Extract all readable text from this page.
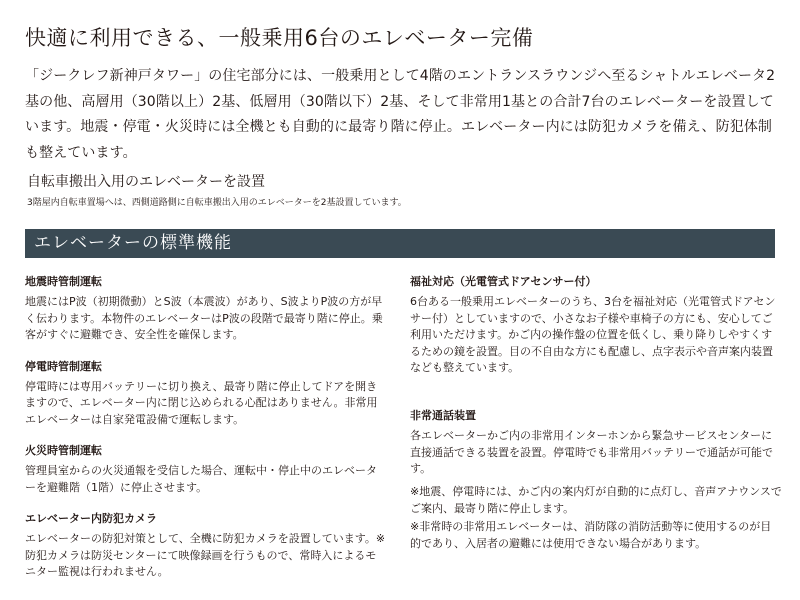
快適に利用できる、一般乗用6台のエレベーター完備

「ジークレフ新神戸タワー」の住宅部分には、一般乗用として4階のエントランスラウンジへ至るシャトルエレベータ2基の他、高層用（30階以上）2基、低層用（30階以下）2基、そして非常用1基との合計7台のエレベーターを設置しています。地震・停電・火災時には全機とも自動的に最寄り階に停止。エレベーター内には防犯カメラを備え、防犯体制も整えています。

自転車搬出入用のエレベーターを設置
3階屋内自転車置場へは、西側道路側に自転車搬出入用のエレベーターを2基設置しています。
エレベーターの標準機能
地震時管制運転

地震にはP波（初期微動）とS波（本震波）があり、S波よりP波の方が早く伝わります。本物件のエレベーターはP波の段階で最寄り階に停止。乗客がすぐに避難でき、安全性を確保します。

停電時管制運転

停電時には専用バッテリーに切り換え、最寄り階に停止してドアを開きますので、エレベーター内に閉じ込められる心配はありません。非常用エレベーターは自家発電設備で運転します。

火災時管制運転

管理員室からの火災通報を受信した場合、運転中・停止中のエレベーターを避難階（1階）に停止させます。

エレベーター内防犯カメラ

エレベーターの防犯対策として、全機に防犯カメラを設置しています。※防犯カメラは防災センターにて映像録画を行うもので、常時入によるモニター監視は行われません。

福祉対応（光電管式ドアセンサー付）

6台ある一般乗用エレベーターのうち、3台を福祉対応（光電管式ドアセンサー付）としていますので、小さなお子様や車椅子の方にも、安心してご利用いただけます。かご内の操作盤の位置を低くし、乗り降りしやすくするための鏡を設置。目の不自由な方にも配慮し、点字表示や音声案内装置なども整えています。

非常通話装置

各エレベーターかご内の非常用インターホンから緊急サービスセンターに直接通話できる装置を設置。停電時でも非常用バッテリーで通話が可能です。

※地震、停電時には、かご内の案内灯が自動的に点灯し、音声アナウンスでご案内、最寄り階に停止します。

※非常時の非常用エレベーターは、消防隊の消防活動等に使用するのが目的であり、入居者の避難には使用できない場合があります。
